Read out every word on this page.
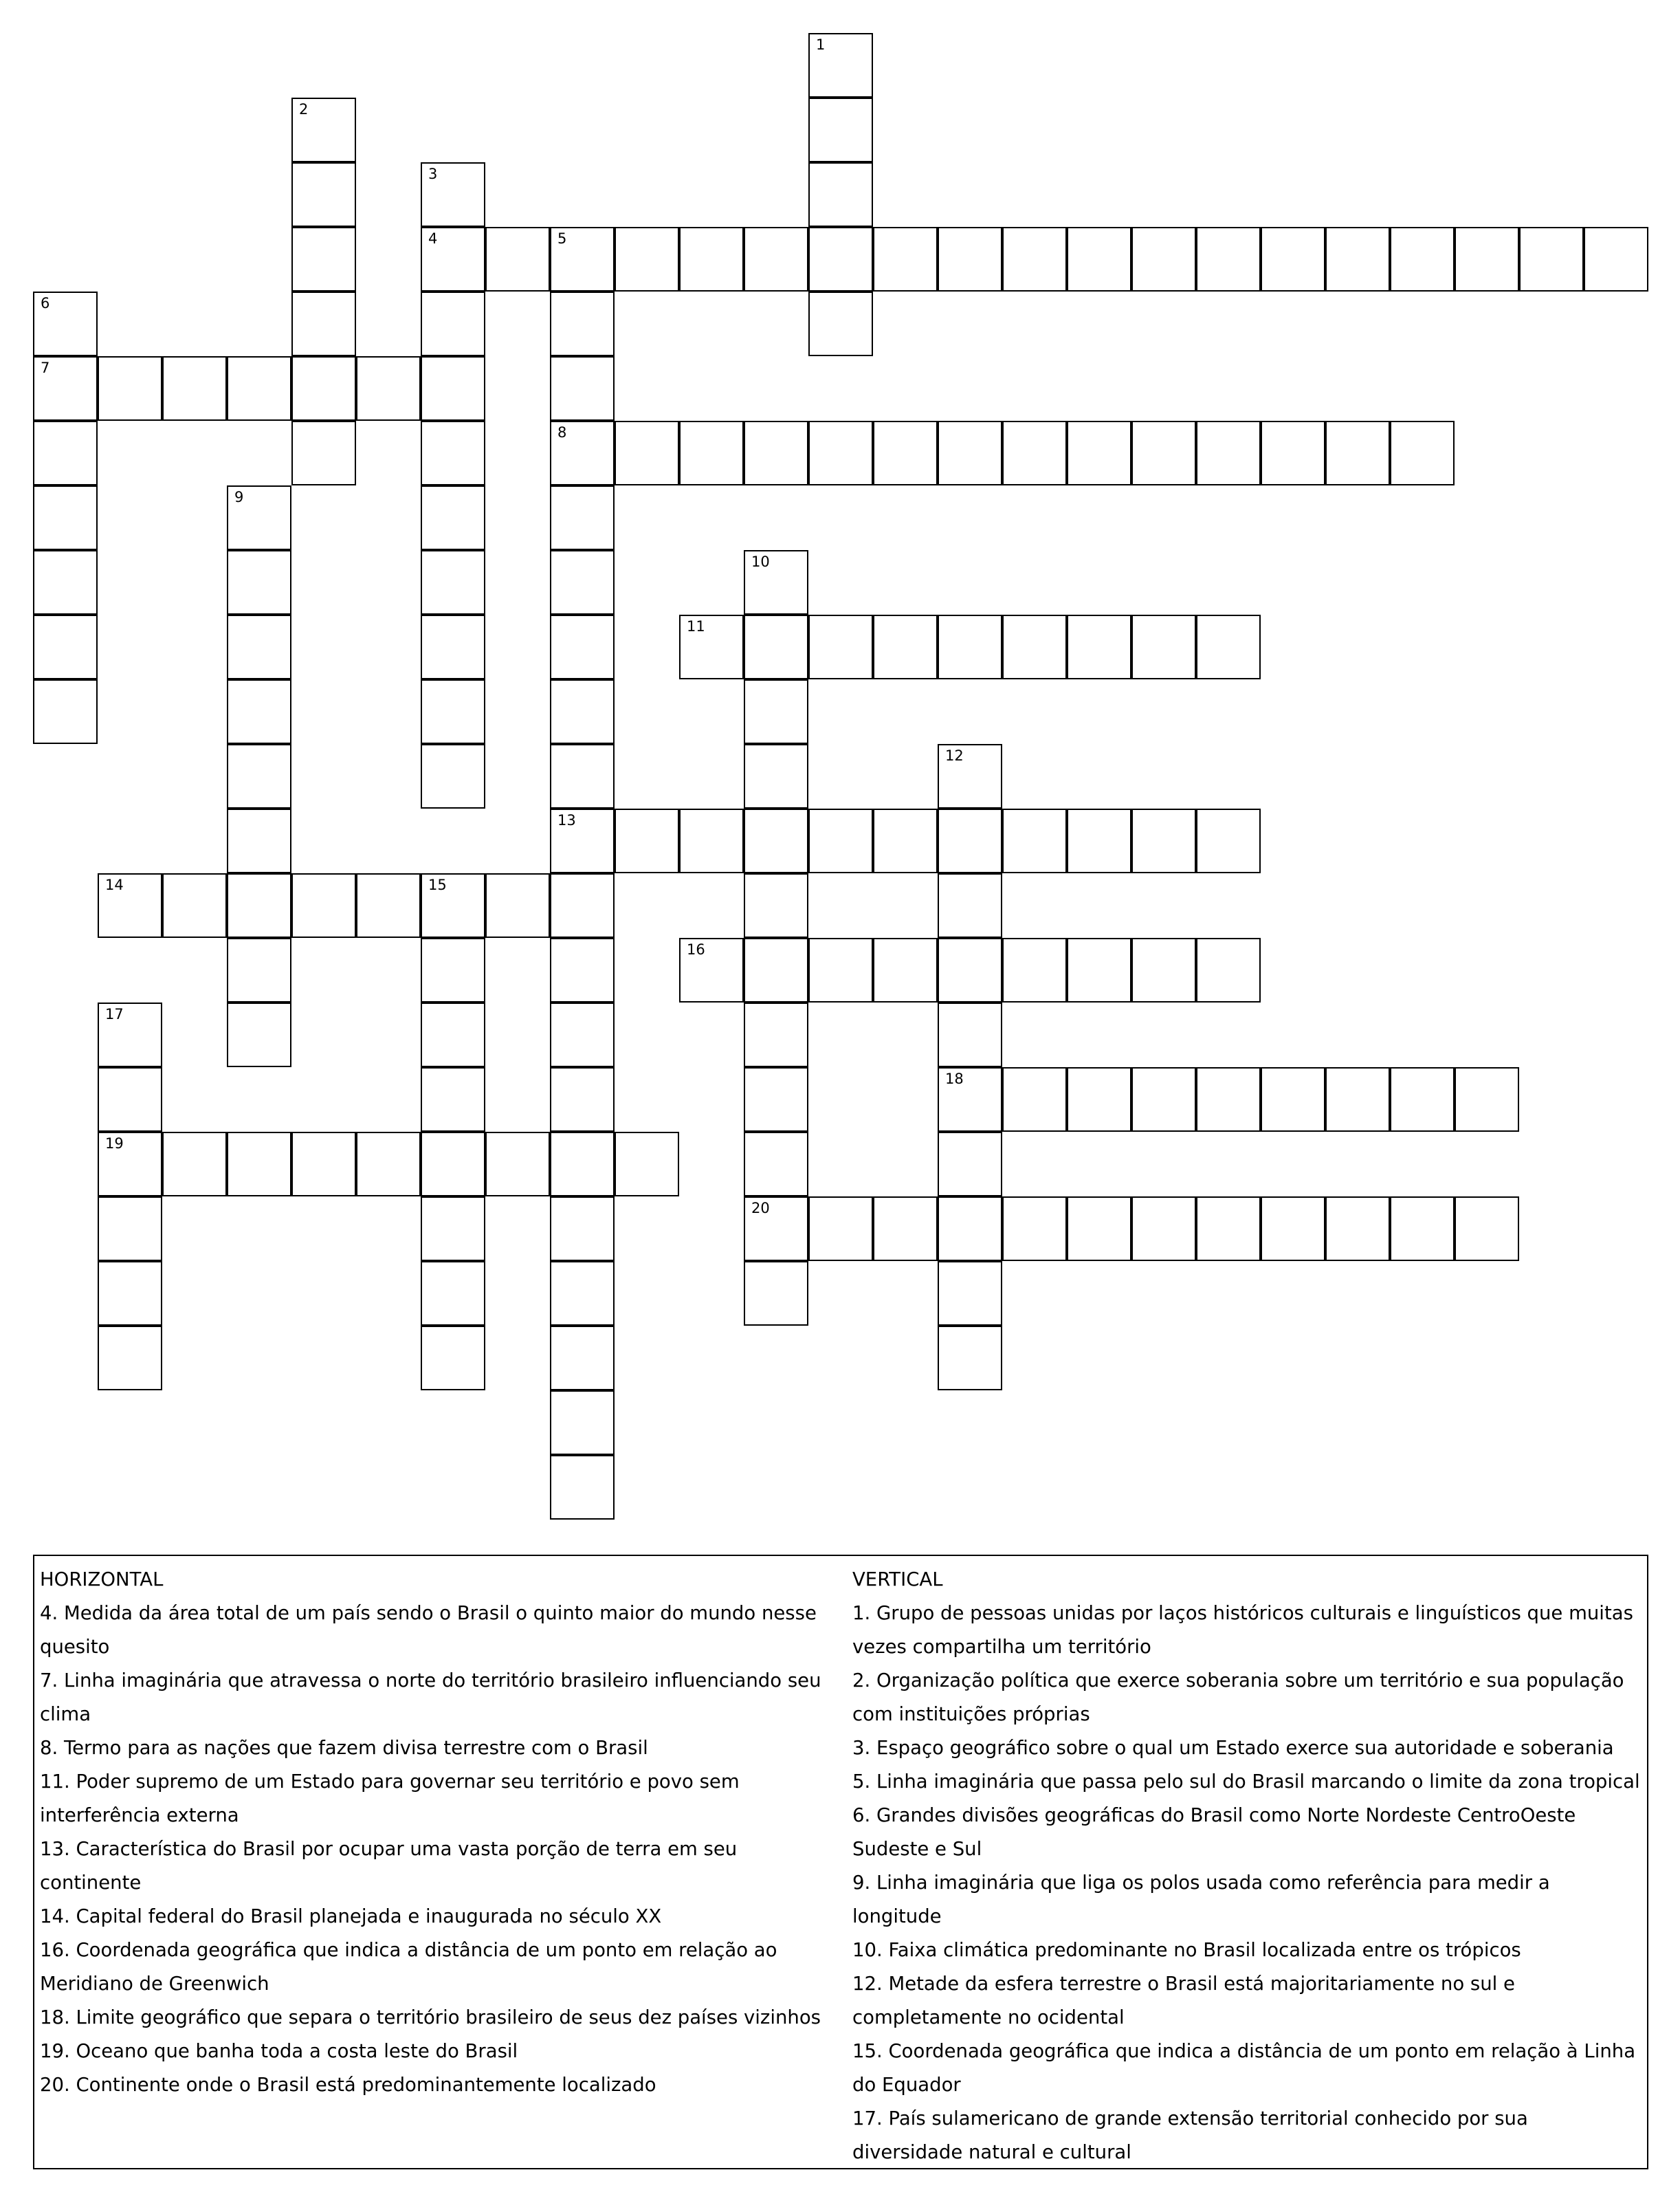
1
2
3
4	5
8
13
6
7
9
10
20
11
12
18
14	15
16
17
19
HORIZONTAL
4. Medida da área total de um país sendo o Brasil o quinto maior do mundo nesse quesito
7. Linha imaginária que atravessa o norte do território brasileiro influenciando seu clima
8. Termo para as nações que fazem divisa terrestre com o Brasil
11. Poder supremo de um Estado para governar seu território e povo sem interferência externa
13. Característica do Brasil por ocupar uma vasta porção de terra em seu continente
14. Capital federal do Brasil planejada e inaugurada no século XX
16. Coordenada geográfica que indica a distância de um ponto em relação ao Meridiano de Greenwich
18. Limite geográfico que separa o território brasileiro de seus dez países vizinhos
19. Oceano que banha toda a costa leste do Brasil
20. Continente onde o Brasil está predominantemente localizado
VERTICAL
1. Grupo de pessoas unidas por laços históricos culturais e linguísticos que muitas vezes compartilha um território
2. Organização política que exerce soberania sobre um território e sua população com instituições próprias
3. Espaço geográfico sobre o qual um Estado exerce sua autoridade e soberania
5. Linha imaginária que passa pelo sul do Brasil marcando o limite da zona tropical
6. Grandes divisões geográficas do Brasil como Norte Nordeste CentroOeste Sudeste e Sul
9. Linha imaginária que liga os polos usada como referência para medir a longitude
10. Faixa climática predominante no Brasil localizada entre os trópicos
12. Metade da esfera terrestre o Brasil está majoritariamente no sul e completamente no ocidental
15. Coordenada geográfica que indica a distância de um ponto em relação à Linha do Equador
17. País sulamericano de grande extensão territorial conhecido por sua diversidade natural e cultural
